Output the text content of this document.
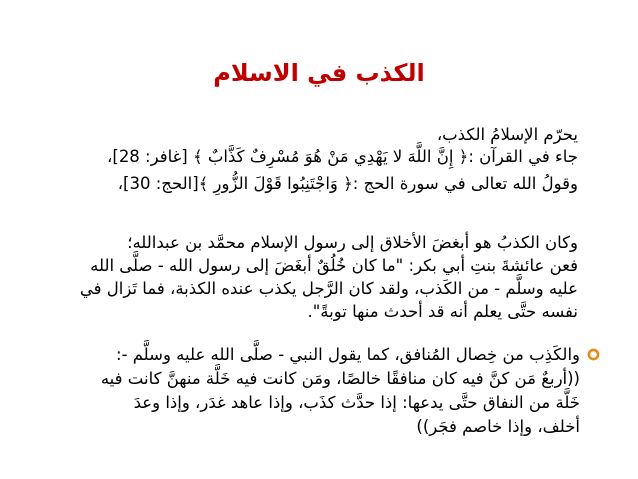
الكذب في الاسلام
يحرّم الإسلامُ الكذب،
جاء في القرآن :﴿ إِنَّ اللَّهَ لا يَهْدِي مَنْ هُوَ مُسْرِفٌ كَذَّابٌ ﴾ [غافر: 28]،
وقولُ الله تعالى في سورة الحج :﴿ وَاجْتَنِبُوا قَوْلَ الزُّورِ ﴾[الحج: 30]،
وكان الكذبُ هو أبغضَ الأخلاق إلى رسول الإسلام محمَّد بن عبدالله؛
فعن عائشةَ بنتِ أبي بكر: "ما كان خُلُقٌ أبغَضَ إلى رسول الله - صلَّى الله
عليه وسلَّم - من الكَذب، ولقد كان الرَّجل يكذب عنده الكذبة، فما تَزال في
نفسه حتَّى يعلم أنه قد أحدث منها توبةً".
والكَذِب من خِصال المُنافق، كما يقول النبي - صلَّى الله عليه وسلَّم -:
((أربعٌ مَن كنَّ فيه كان منافقًا خالصًا، ومَن كانت فيه خَلَّة منهنَّ كانت فيه
خَلَّة من النفاق حتَّى يدعها: إذا حدَّث كذَب، وإذا عاهد غدَر، وإذا وعدَ
أخلف، وإذا خاصم فجَر))
